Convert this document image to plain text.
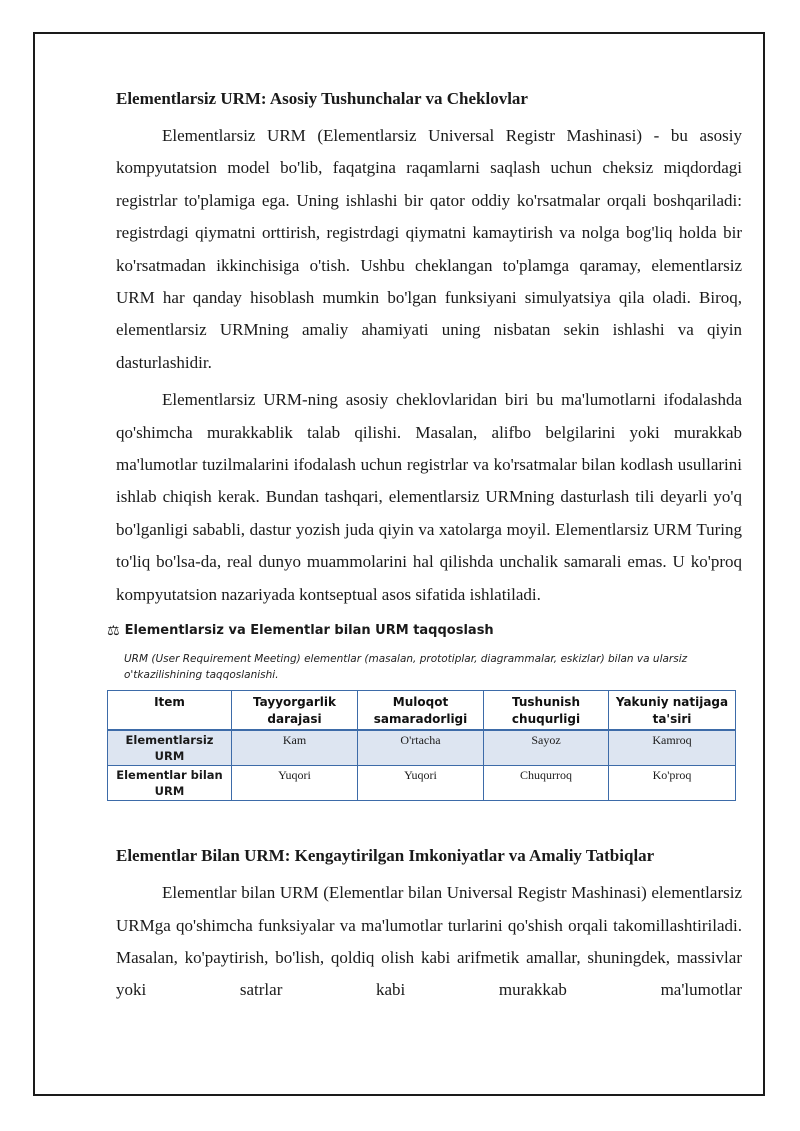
Elementlarsiz URM: Asosiy Tushunchalar va Cheklovlar

Elementlarsiz URM (Elementlarsiz Universal Registr Mashinasi) - bu asosiy kompyutatsion model bo'lib, faqatgina raqamlarni saqlash uchun cheksiz miqdordagi registrlar to'plamiga ega. Uning ishlashi bir qator oddiy ko'rsatmalar orqali boshqariladi: registrdagi qiymatni orttirish, registrdagi qiymatni kamaytirish va nolga bog'liq holda bir ko'rsatmadan ikkinchisiga o'tish. Ushbu cheklangan to'plamga qaramay, elementlarsiz URM har qanday hisoblash mumkin bo'lgan funksiyani simulyatsiya qila oladi. Biroq, elementlarsiz URMning amaliy ahamiyati uning nisbatan sekin ishlashi va qiyin dasturlashidir.

Elementlarsiz URM-ning asosiy cheklovlaridan biri bu ma'lumotlarni ifodalashda qo'shimcha murakkablik talab qilishi. Masalan, alifbo belgilarini yoki murakkab ma'lumotlar tuzilmalarini ifodalash uchun registrlar va ko'rsatmalar bilan kodlash usullarini ishlab chiqish kerak. Bundan tashqari, elementlarsiz URMning dasturlash tili deyarli yo'q bo'lganligi sababli, dastur yozish juda qiyin va xatolarga moyil. Elementlarsiz URM Turing to'liq bo'lsa-da, real dunyo muammolarini hal qilishda unchalik samarali emas. U ko'proq kompyutatsion nazariyada kontseptual asos sifatida ishlatiladi.

⚖ Elementlarsiz va Elementlar bilan URM taqqoslash
URM (User Requirement Meeting) elementlar (masalan, prototiplar, diagrammalar, eskizlar) bilan va ularsiz o'tkazilishining taqqoslanishi.
Item	Tayyorgarlik darajasi	Muloqot samaradorligi	Tushunish chuqurligi	Yakuniy natijaga ta'siri
Elementlarsiz URM	Kam	O'rtacha	Sayoz	Kamroq
Elementlar bilan URM	Yuqori	Yuqori	Chuqurroq	Ko'proq
Elementlar Bilan URM: Kengaytirilgan Imkoniyatlar va Amaliy Tatbiqlar

Elementlar bilan URM (Elementlar bilan Universal Registr Mashinasi) elementlarsiz URMga qo'shimcha funksiyalar va ma'lumotlar turlarini qo'shish orqali takomillashtiriladi. Masalan, ko'paytirish, bo'lish, qoldiq olish kabi arifmetik amallar, shuningdek, massivlar yoki satrlar kabi murakkab ma'lumotlar
